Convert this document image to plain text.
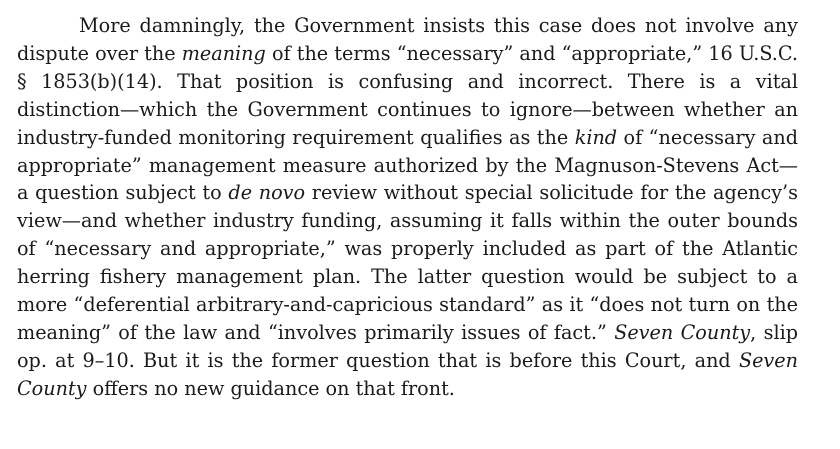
More damningly, the Government insists this case does not involve any dispute over the meaning of the terms “necessary” and “appropriate,” 16 U.S.C. § 1853(b)(14). That position is confusing and incorrect. There is a vital distinction—which the Government continues to ignore—between whether an industry-funded monitoring requirement qualifies as the kind of “necessary and appropriate” management measure authorized by the Magnuson-Stevens Act—a question subject to de novo review without special solicitude for the agency’s view—and whether industry funding, assuming it falls within the outer bounds of “necessary and appropriate,” was properly included as part of the Atlantic herring fishery management plan. The latter question would be subject to a more “deferential arbitrary-and-capricious standard” as it “does not turn on the meaning” of the law and “involves primarily issues of fact.” Seven County, slip op. at 9–10. But it is the former question that is before this Court, and Seven County offers no new guidance on that front.
